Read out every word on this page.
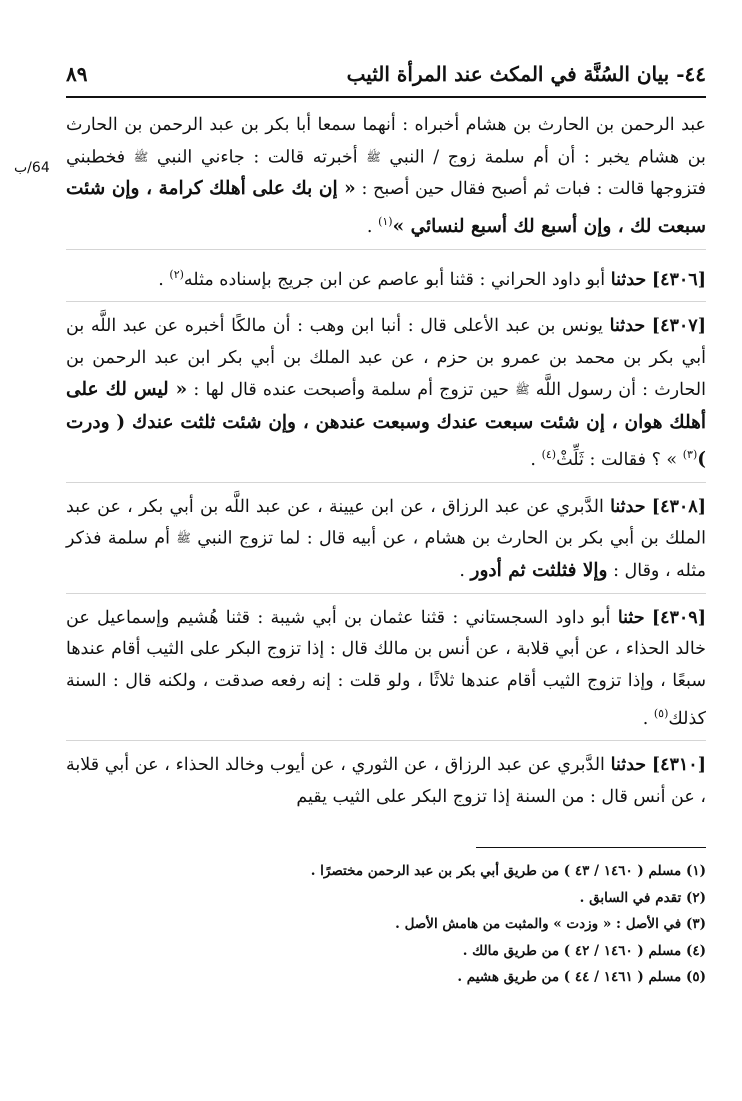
٤٤- بيان السُنَّة في المكث عند المرأة الثيب
٨٩
64/ب

عبد الرحمن بن الحارث بن هشام أخبراه : أنهما سمعا أبا بكر بن عبد الرحمن بن الحارث بن هشام يخبر : أن أم سلمة زوج / النبي ﷺ أخبرته قالت : جاءني النبي ﷺ فخطبني فتزوجها قالت : فبات ثم أصبح فقال حين أصبح : « إن بك على أهلك كرامة ، وإن شئت سبعت لك ، وإن أسبع لك أسبع لنسائي »$^{(١)}$ .

[٤٣٠٦] حدثنا أبو داود الحراني : قثنا أبو عاصم عن ابن جريج بإسناده مثله$^{(٢)}$ .

[٤٣٠٧] حدثنا يونس بن عبد الأعلى قال : أنبا ابن وهب : أن مالكًا أخبره عن عبد اللَّه بن أبي بكر بن محمد بن عمرو بن حزم ، عن عبد الملك بن أبي بكر ابن عبد الرحمن بن الحارث : أن رسول اللَّه ﷺ حين تزوج أم سلمة وأصبحت عنده قال لها : « ليس لك على أهلك هوان ، إن شئت سبعت عندك وسبعت عندهن ، وإن شئت ثلثت عندك ( ودرت )$^{(٣)}$ » ؟ فقالت : ثَلِّثْ$^{(٤)}$ .

[٤٣٠٨] حدثنا الدَّبري عن عبد الرزاق ، عن ابن عيينة ، عن عبد اللَّه بن أبي بكر ، عن عبد الملك بن أبي بكر بن الحارث بن هشام ، عن أبيه قال : لما تزوج النبي ﷺ أم سلمة فذكر مثله ، وقال : وإلا فثلثت ثم أدور .

[٤٣٠٩] حثنا أبو داود السجستاني : قثنا عثمان بن أبي شيبة : قثنا هُشيم وإسماعيل عن خالد الحذاء ، عن أبي قلابة ، عن أنس بن مالك قال : إذا تزوج البكر على الثيب أقام عندها سبعًا ، وإذا تزوج الثيب أقام عندها ثلاثًا ، ولو قلت : إنه رفعه صدقت ، ولكنه قال : السنة كذلك$^{(٥)}$ .

[٤٣١٠] حدثنا الدَّبري عن عبد الرزاق ، عن الثوري ، عن أيوب وخالد الحذاء ، عن أبي قلابة ، عن أنس قال : من السنة إذا تزوج البكر على الثيب يقيم

(١) مسلم ( ١٤٦٠ / ٤٣ ) من طريق أبي بكر بن عبد الرحمن مختصرًا .

(٢) تقدم في السابق .

(٣) في الأصل : « وزدت » والمثبت من هامش الأصل .

(٤) مسلم ( ١٤٦٠ / ٤٢ ) من طريق مالك .

(٥) مسلم ( ١٤٦١ / ٤٤ ) من طريق هشيم .
